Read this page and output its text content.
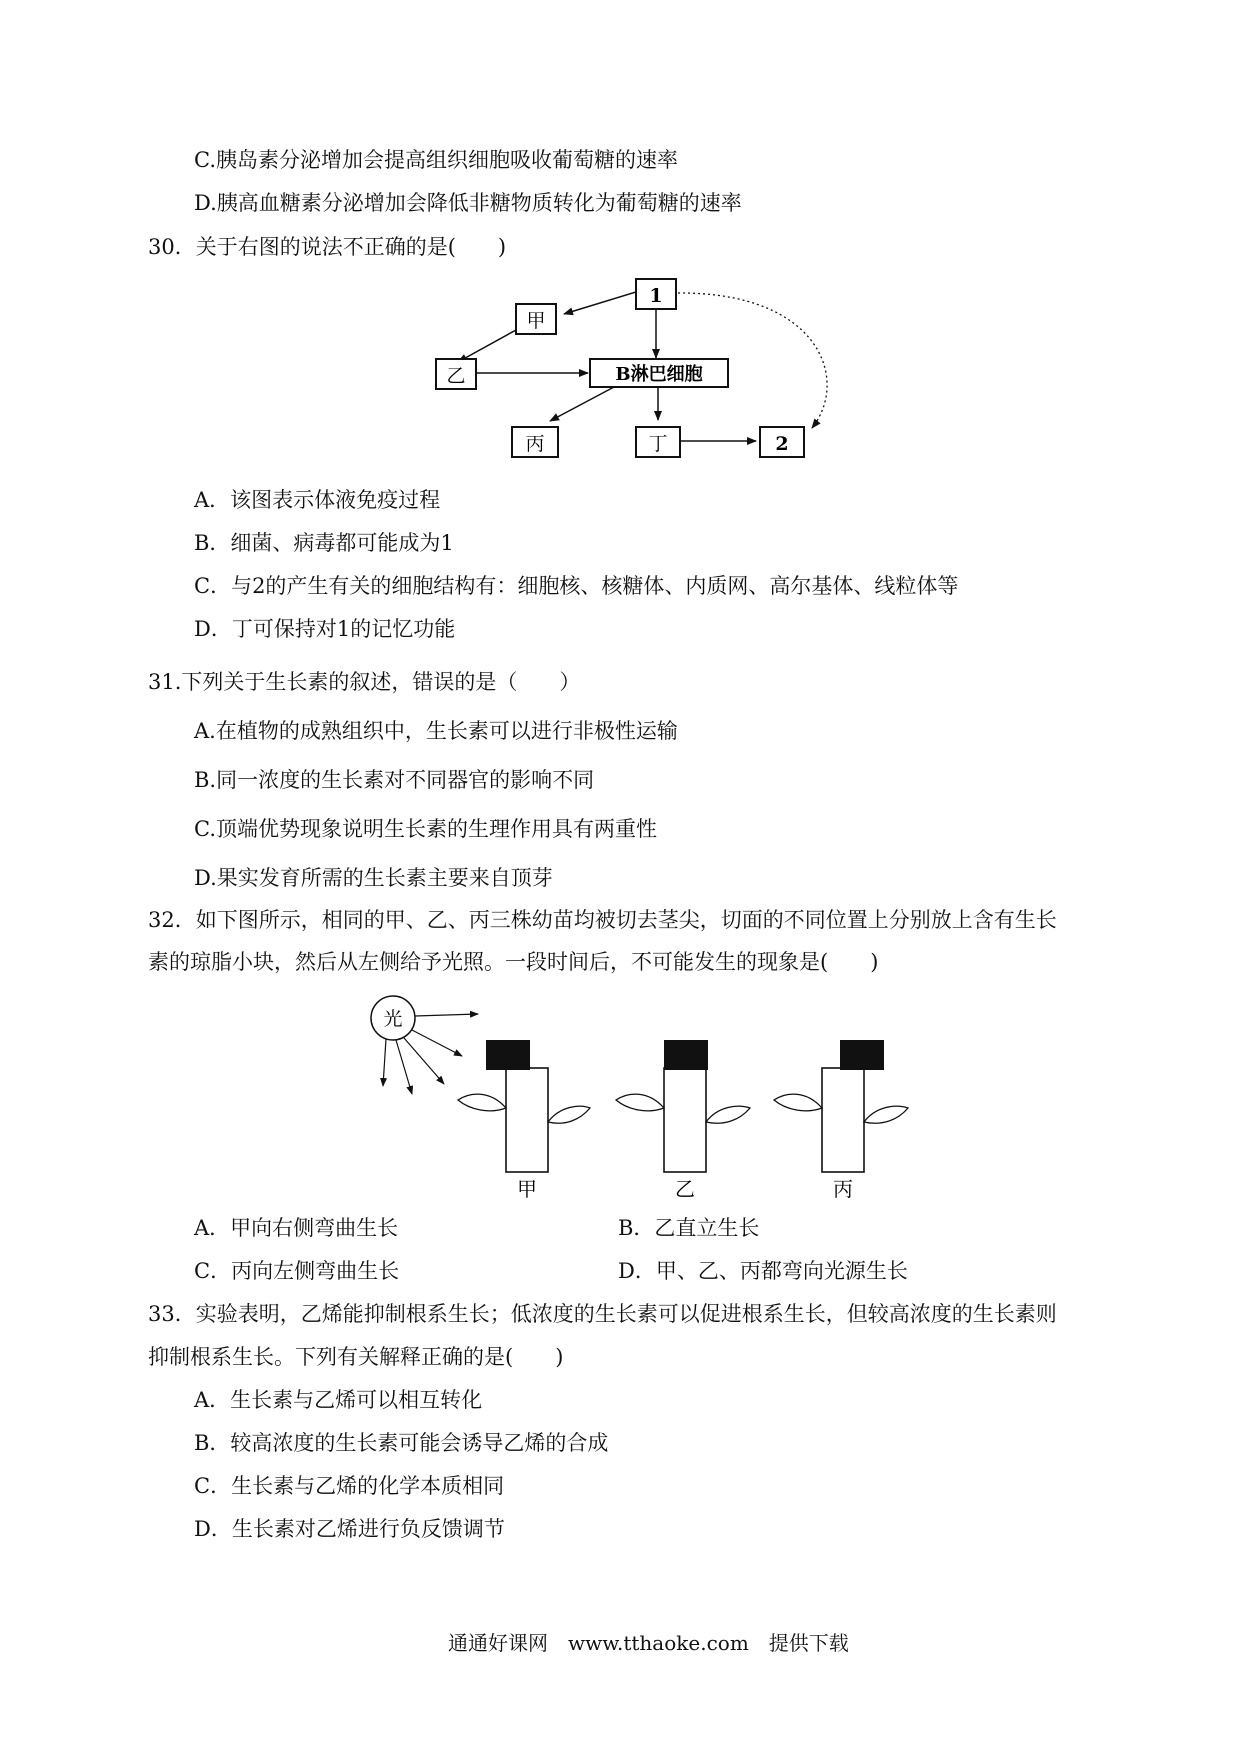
C.胰岛素分泌增加会提高组织细胞吸收葡萄糖的速率
D.胰高血糖素分泌增加会降低非糖物质转化为葡萄糖的速率
30．关于右图的说法不正确的是(　　)
1
甲
乙	B淋巴细胞
丙	丁	2
A．该图表示体液免疫过程
B．细菌、病毒都可能成为1
C．与2的产生有关的细胞结构有：细胞核、核糖体、内质网、高尔基体、线粒体等
D．丁可保持对1的记忆功能
31.下列关于生长素的叙述，错误的是（　　）
A.在植物的成熟组织中，生长素可以进行非极性运输
B.同一浓度的生长素对不同器官的影响不同
C.顶端优势现象说明生长素的生理作用具有两重性
D.果实发育所需的生长素主要来自顶芽
32．如下图所示，相同的甲、乙、丙三株幼苗均被切去茎尖，切面的不同位置上分别放上含有生长
素的琼脂小块，然后从左侧给予光照。一段时间后，不可能发生的现象是(　　)
光
甲	乙	丙
A．甲向右侧弯曲生长	B．乙直立生长
C．丙向左侧弯曲生长	D．甲、乙、丙都弯向光源生长
33．实验表明，乙烯能抑制根系生长；低浓度的生长素可以促进根系生长，但较高浓度的生长素则
抑制根系生长。下列有关解释正确的是(　　)
A．生长素与乙烯可以相互转化
B．较高浓度的生长素可能会诱导乙烯的合成
C．生长素与乙烯的化学本质相同
D．生长素对乙烯进行负反馈调节
通通好课网　www.tthaoke.com　提供下载
